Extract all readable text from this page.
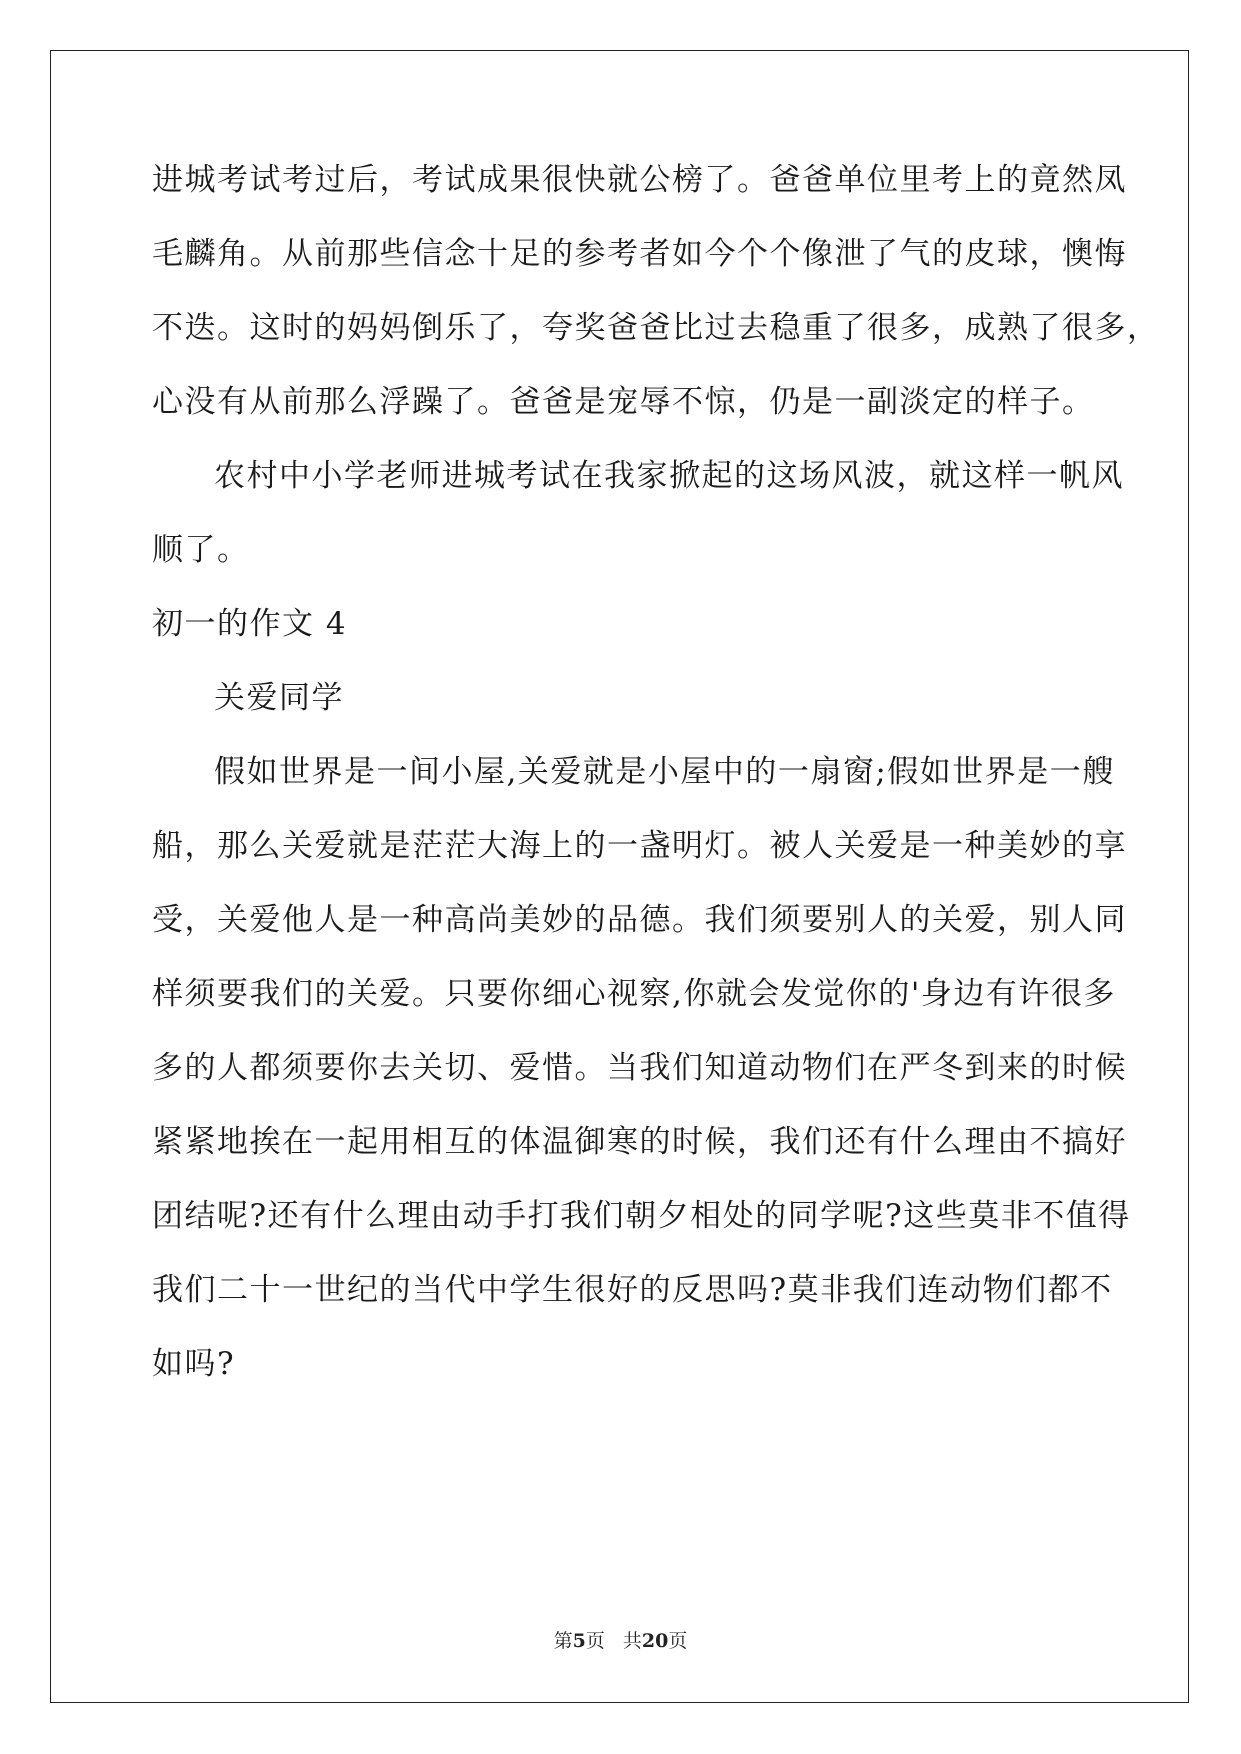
进城考试考过后，考试成果很快就公榜了。爸爸单位里考上的竟然凤
毛麟角。从前那些信念十足的参考者如今个个像泄了气的皮球，懊悔
不迭。这时的妈妈倒乐了，夸奖爸爸比过去稳重了很多，成熟了很多，
心没有从前那么浮躁了。爸爸是宠辱不惊，仍是一副淡定的样子。
农村中小学老师进城考试在我家掀起的这场风波，就这样一帆风
顺了。
初一的作文 4
关爱同学
假如世界是一间小屋,关爱就是小屋中的一扇窗;假如世界是一艘
船，那么关爱就是茫茫大海上的一盏明灯。被人关爱是一种美妙的享
受，关爱他人是一种高尚美妙的品德。我们须要别人的关爱，别人同
样须要我们的关爱。只要你细心视察,你就会发觉你的'身边有许很多
多的人都须要你去关切、爱惜。当我们知道动物们在严冬到来的时候
紧紧地挨在一起用相互的体温御寒的时候，我们还有什么理由不搞好
团结呢?还有什么理由动手打我们朝夕相处的同学呢?这些莫非不值得
我们二十一世纪的当代中学生很好的反思吗?莫非我们连动物们都不
如吗?
第5页 共20页
